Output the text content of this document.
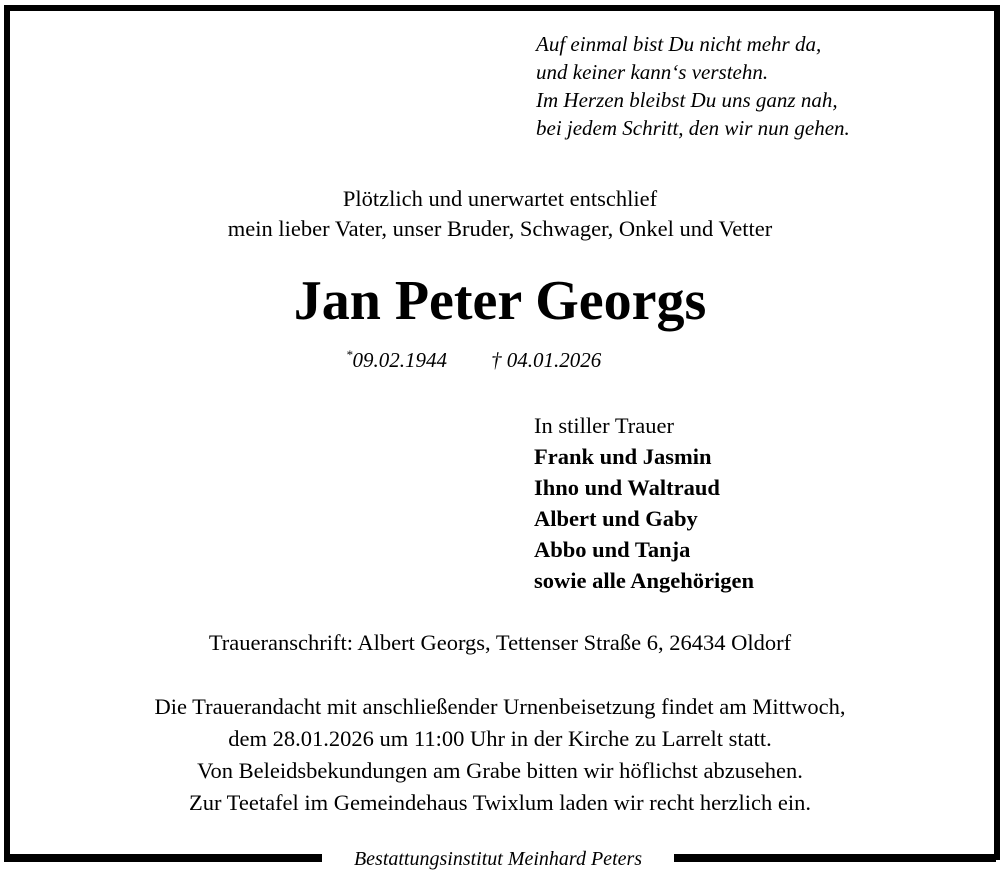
Auf einmal bist Du nicht mehr da,
und keiner kann‘s verstehn.
Im Herzen bleibst Du uns ganz nah,
bei jedem Schritt, den wir nun gehen.
Plötzlich und unerwartet entschlief
mein lieber Vater, unser Bruder, Schwager, Onkel und Vetter
Jan Peter Georgs
*09.02.1944 † 04.01.2026
In stiller Trauer
Frank und Jasmin
Ihno und Waltraud
Albert und Gaby
Abbo und Tanja
sowie alle Angehörigen
Traueranschrift: Albert Georgs, Tettenser Straße 6, 26434 Oldorf
Die Trauerandacht mit anschließender Urnenbeisetzung findet am Mittwoch,
dem 28.01.2026 um 11:00 Uhr in der Kirche zu Larrelt statt.
Von Beleidsbekundungen am Grabe bitten wir höflichst abzusehen.
Zur Teetafel im Gemeindehaus Twixlum laden wir recht herzlich ein.
Bestattungsinstitut Meinhard Peters
